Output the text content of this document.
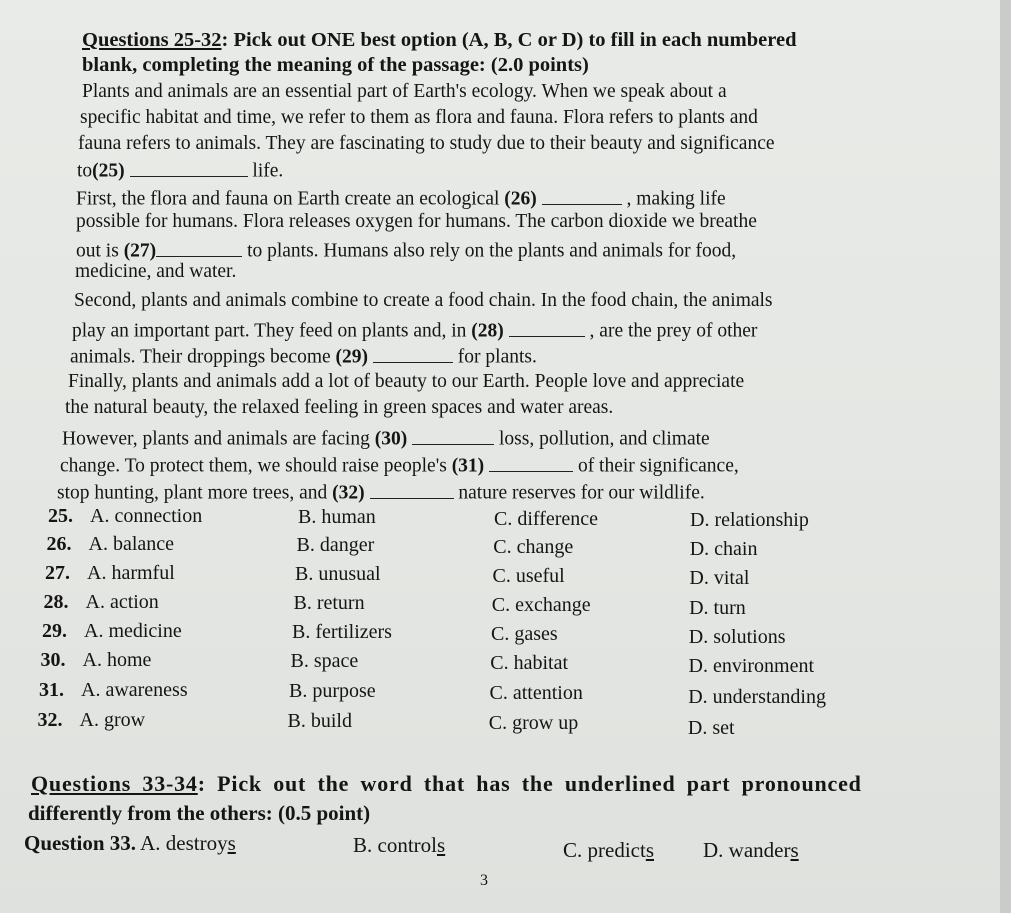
Questions 25-32: Pick out ONE best option (A, B, C or D) to fill in each numbered
blank, completing the meaning of the passage: (2.0 points)
Plants and animals are an essential part of Earth's ecology. When we speak about a
specific habitat and time, we refer to them as flora and fauna. Flora refers to plants and
fauna refers to animals. They are fascinating to study due to their beauty and significance
to(25)	life.
First, the flora and fauna on Earth create an ecological (26)	, making life
possible for humans. Flora releases oxygen for humans. The carbon dioxide we breathe
out is (27)	to plants. Humans also rely on the plants and animals for food,
medicine, and water.
Second, plants and animals combine to create a food chain. In the food chain, the animals
play an important part. They feed on plants and, in (28)	, are the prey of other
animals. Their droppings become (29)	for plants.
Finally, plants and animals add a lot of beauty to our Earth. People love and appreciate
the natural beauty, the relaxed feeling in green spaces and water areas.
However, plants and animals are facing (30)	loss, pollution, and climate
change. To protect them, we should raise people's (31)	of their significance,
stop hunting, plant more trees, and (32)	nature reserves for our wildlife.
25. A. connection	B. human	C. difference	D. relationship
26. A. balance	B. danger	C. change	D. chain
27. A. harmful	B. unusual	C. useful	D. vital
28. A. action	B. return	C. exchange	D. turn
29. A. medicine	B. fertilizers	C. gases	D. solutions
30. A. home	B. space	C. habitat	D. environment
31. A. awareness	B. purpose	C. attention	D. understanding
32. A. grow	B. build	C. grow up	D. set
Questions 33-34: Pick out the word that has the underlined part pronounced
differently from the others: (0.5 point)
Question 33. A. destroys	B. controls	C. predicts D. wanders
3
